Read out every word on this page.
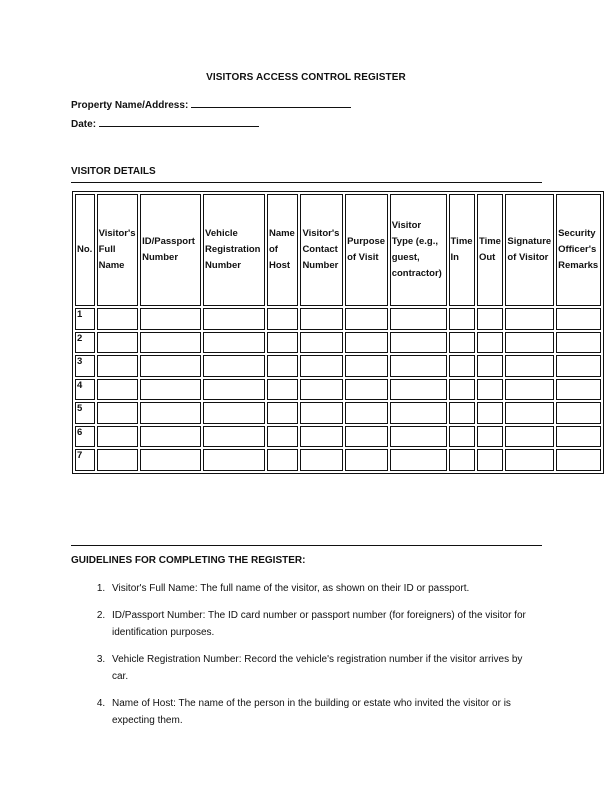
VISITORS ACCESS CONTROL REGISTER
Property Name/Address:
Date:
VISITOR DETAILS
No.	Visitor's Full Name	ID/Passport Number	Vehicle Registration Number	Name of Host	Visitor's Contact Number	Purpose of Visit	Visitor Type (e.g., guest, contractor)	Time In	Time Out	Signature of Visitor	Security Officer's Remarks
1											
2											
3											
4											
5											
6											
7											
GUIDELINES FOR COMPLETING THE REGISTER:
1. Visitor's Full Name: The full name of the visitor, as shown on their ID or passport.
2. ID/Passport Number: The ID card number or passport number (for foreigners) of the visitor for identification purposes.
3. Vehicle Registration Number: Record the vehicle's registration number if the visitor arrives by car.
4. Name of Host: The name of the person in the building or estate who invited the visitor or is expecting them.
